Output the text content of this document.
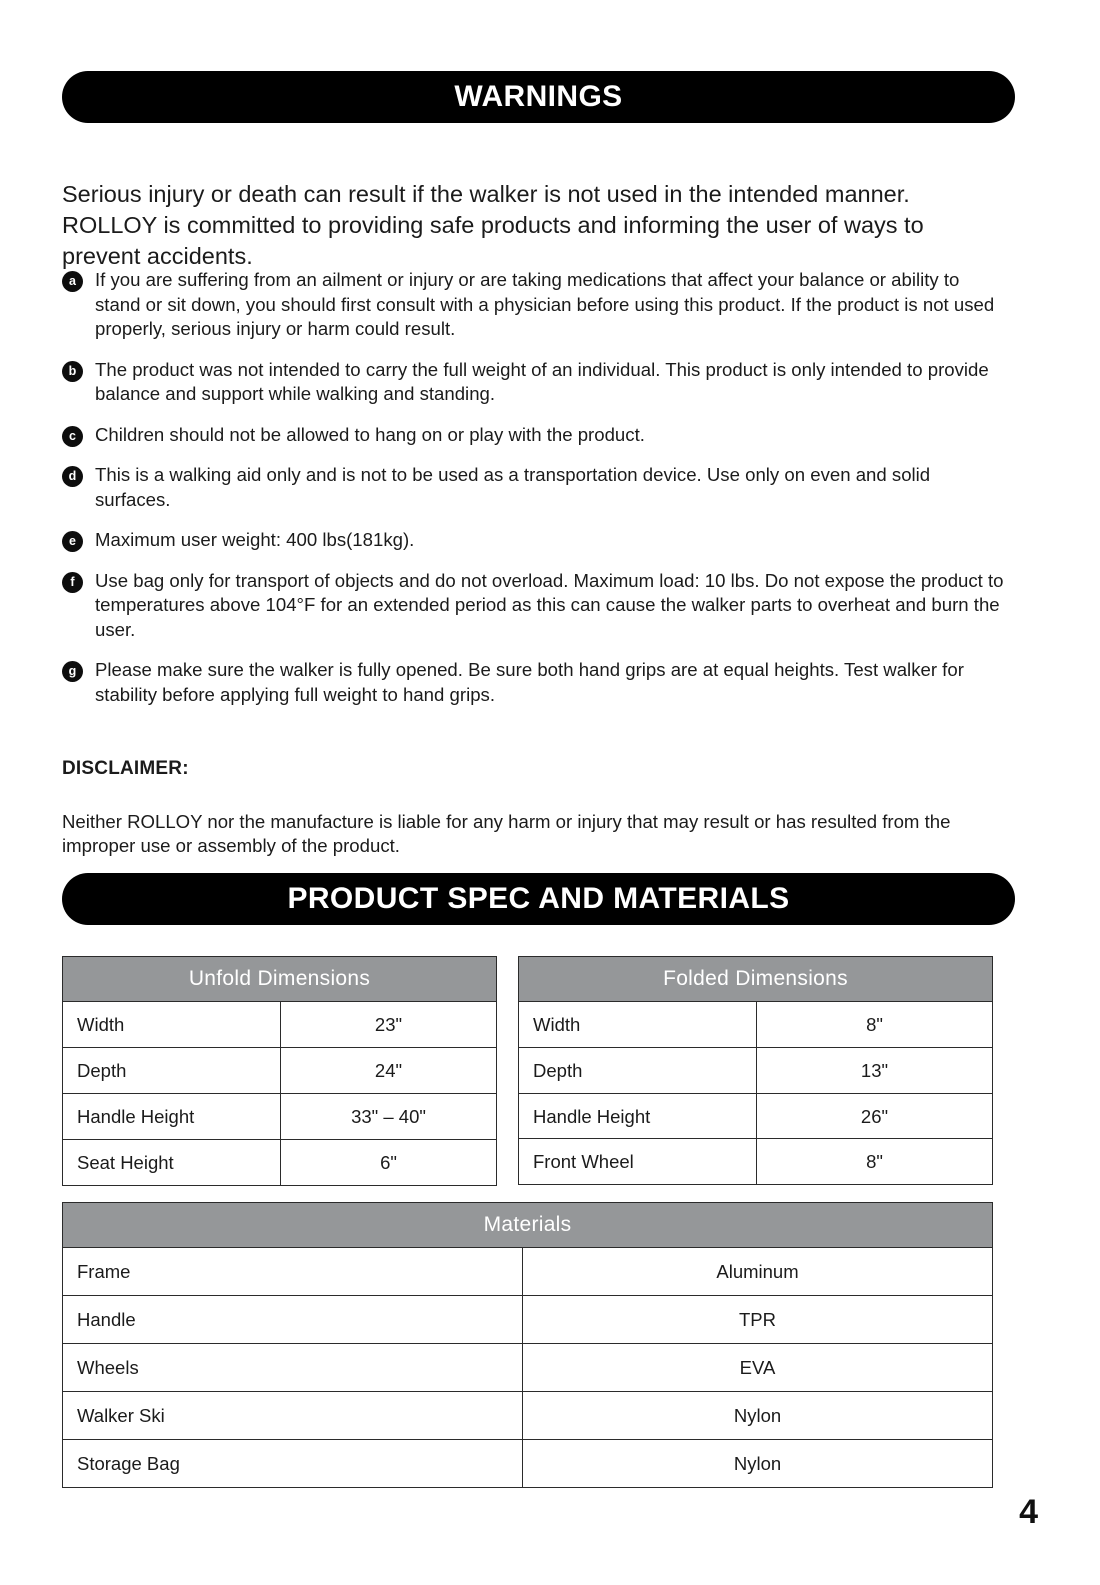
WARNINGS

Serious injury or death can result if the walker is not used in the intended manner. ROLLOY is committed to providing safe products and informing the user of ways to prevent accidents.

a	If you are suffering from an ailment or injury or are taking medications that affect your balance or ability to stand or sit down, you should first consult with a physician before using this product. If the product is not used properly, serious injury or harm could result.
b	The product was not intended to carry the full weight of an individual. This product is only intended to provide balance and support while walking and standing.
c	Children should not be allowed to hang on or play with the product.
d	This is a walking aid only and is not to be used as a transportation device. Use only on even and solid surfaces.
e	Maximum user weight: 400 lbs(181kg).
f	Use bag only for transport of objects and do not overload. Maximum load: 10 lbs. Do not expose the product to temperatures above 104°F for an extended period as this can cause the walker parts to overheat and burn the user.
g	Please make sure the walker is fully opened. Be sure both hand grips are at equal heights. Test walker for stability before applying full weight to hand grips.
DISCLAIMER:

Neither ROLLOY nor the manufacture is liable for any harm or injury that may result or has resulted from the improper use or assembly of the product.

PRODUCT SPEC AND MATERIALS
Unfold Dimensions	
Width	23"
Depth	24"
Handle Height	33" – 40"
Seat Height	6"
Folded Dimensions	
Width	8"
Depth	13"
Handle Height	26"
Front Wheel	8"
Materials	
Frame	Aluminum
Handle	TPR
Wheels	EVA
Walker Ski	Nylon
Storage Bag	Nylon
4
